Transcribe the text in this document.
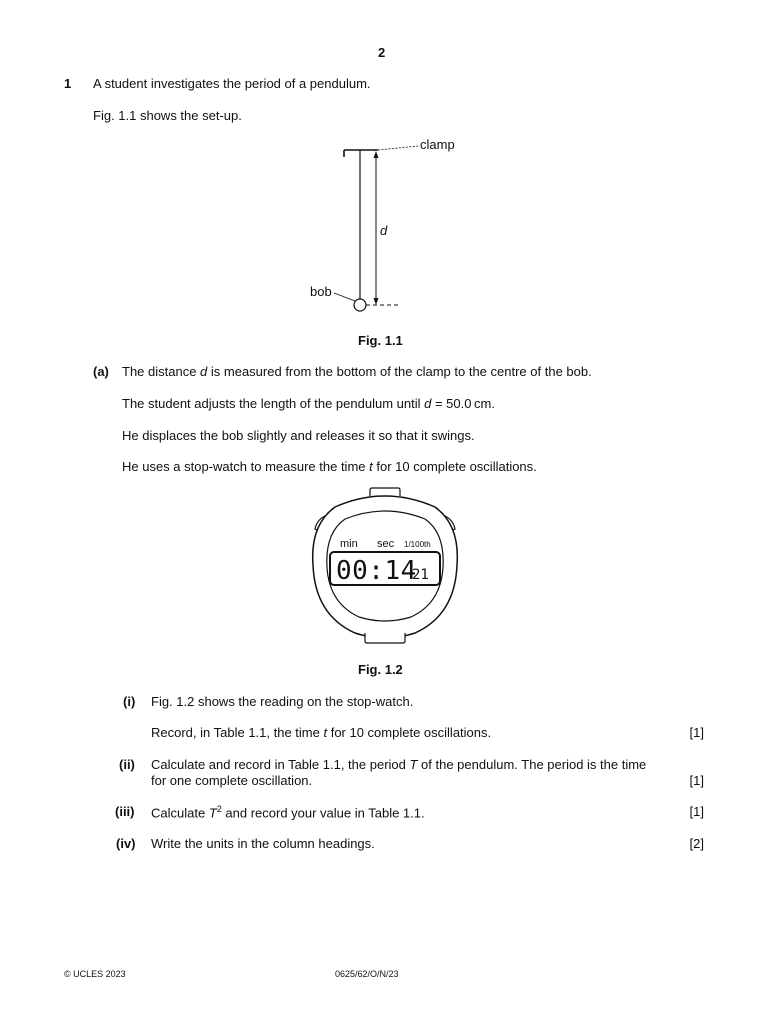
2
1 A student investigates the period of a pendulum.
Fig. 1.1 shows the set-up.
clamp
d
bob
Fig. 1.1
(a) The distance d is measured from the bottom of the clamp to the centre of the bob.
The student adjusts the length of the pendulum until d = 50.0 cm.
He displaces the bob slightly and releases it so that it swings.
He uses a stop-watch to measure the time t for 10 complete oscillations.
min sec 1/100th
00:14
21
Fig. 1.2
(i) Fig. 1.2 shows the reading on the stop-watch.
Record, in Table 1.1, the time t for 10 complete oscillations.	[1]
(ii) Calculate and record in Table 1.1, the period T of the pendulum. The period is the time
for one complete oscillation.	[1]
(iii) Calculate $T^2$ and record your value in Table 1.1.	[1]
(iv) Write the units in the column headings.	[2]
© UCLES 2023	0625/62/O/N/23
